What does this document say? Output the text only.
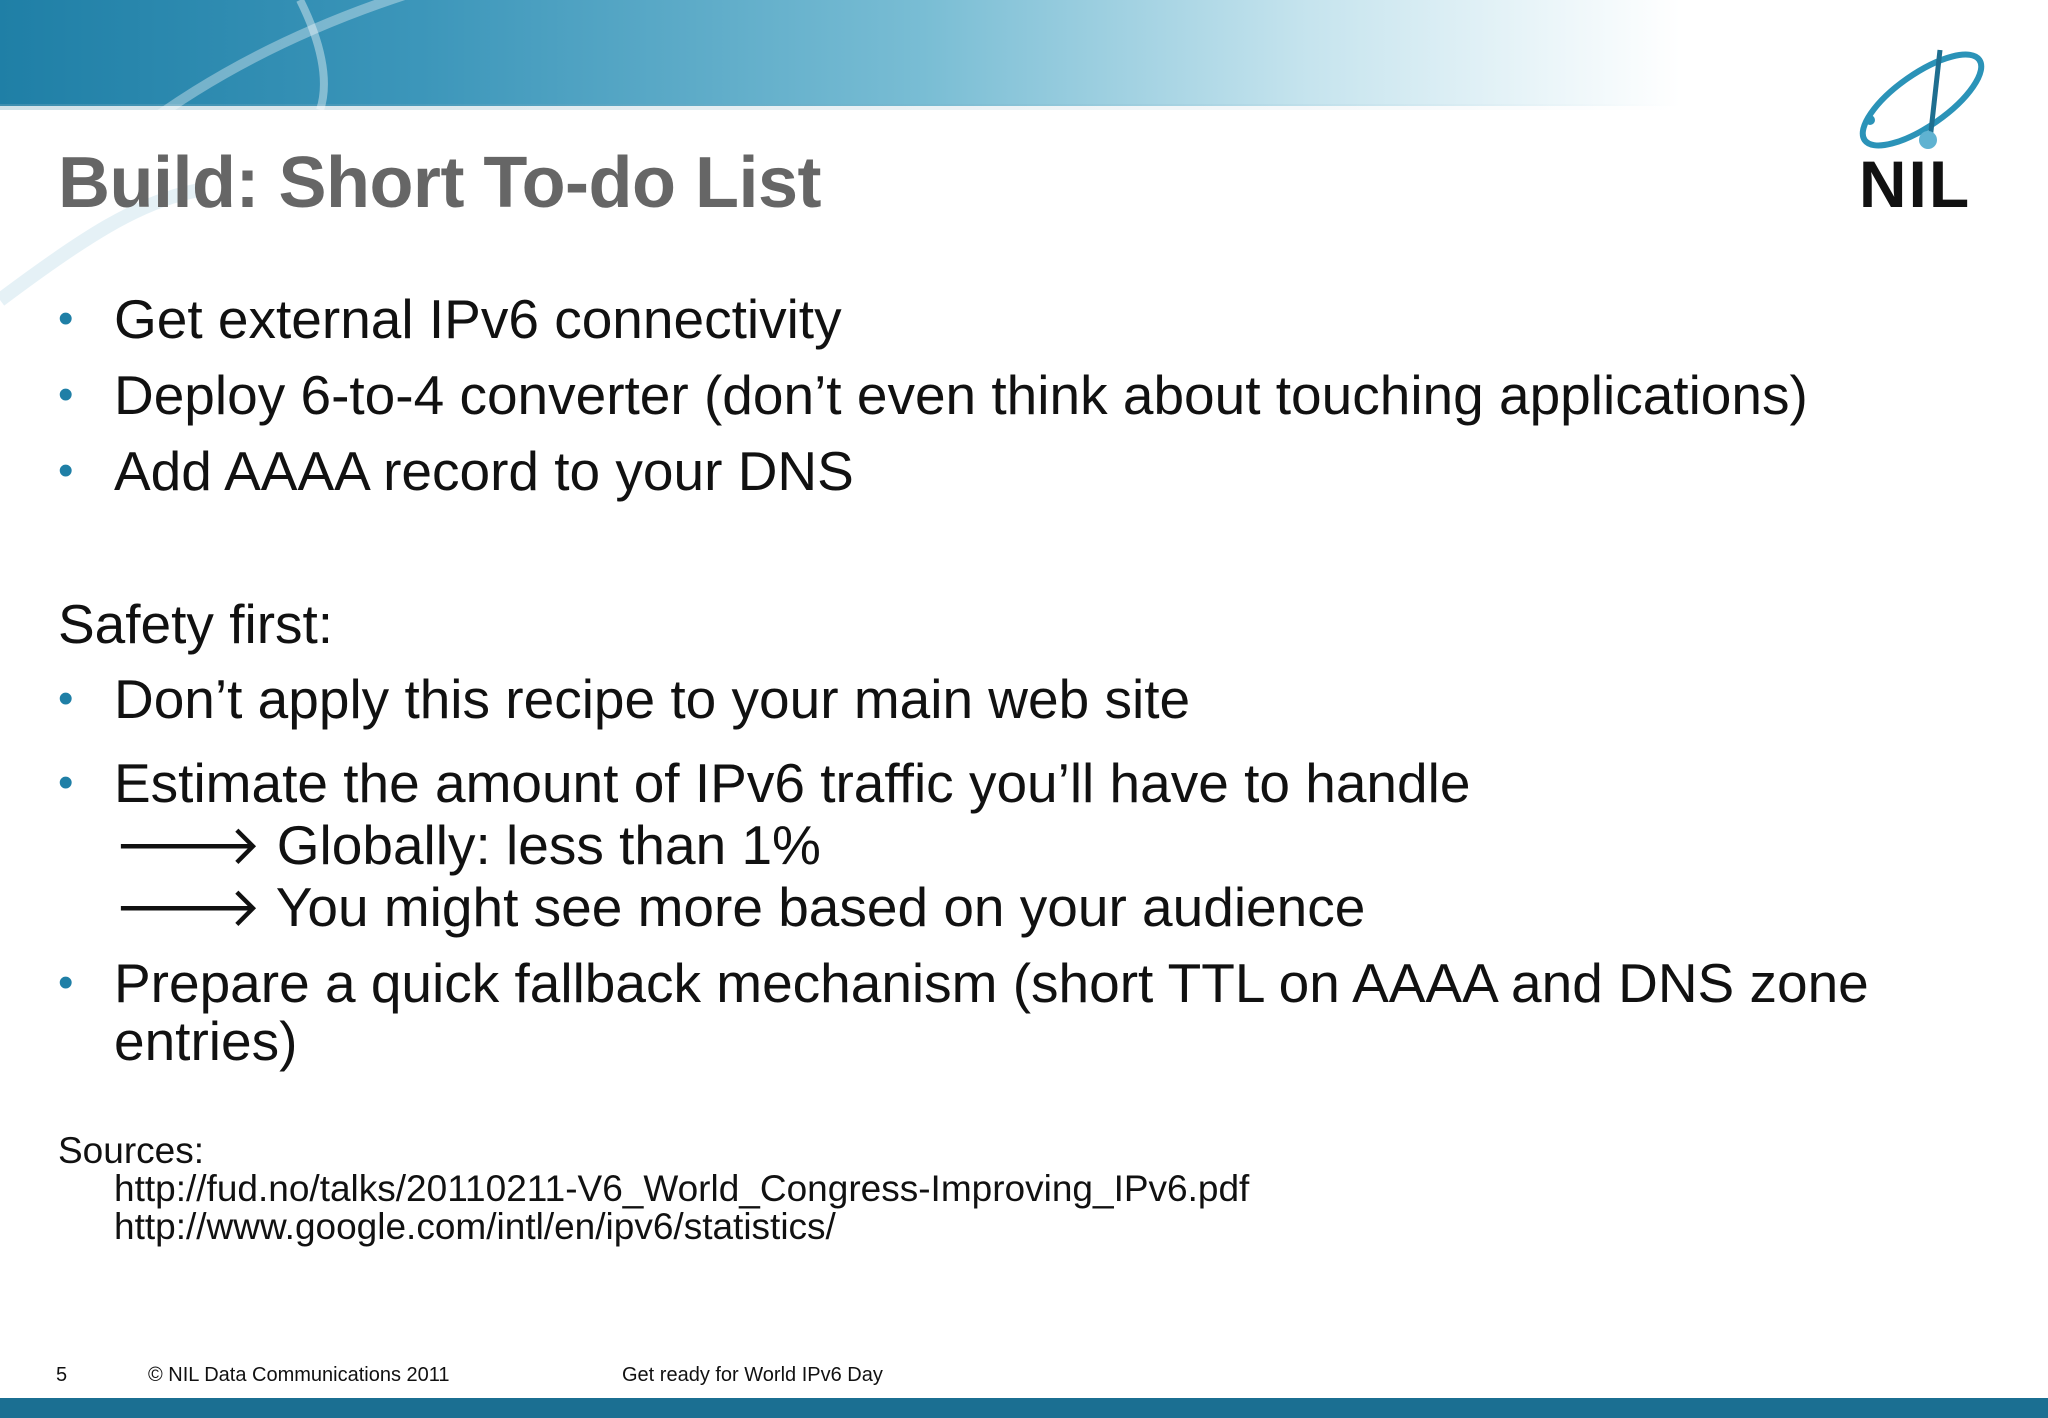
NIL
Build: Short To-do List
• Get external IPv6 connectivity
• Deploy 6-to-4 converter (don’t even think about touching applications)
• Add AAAA record to your DNS
Safety first:
• Don’t apply this recipe to your main web site
• Estimate the amount of IPv6 traffic you’ll have to handle
🡒 Globally: less than 1%
🡒 You might see more based on your audience
• Prepare a quick fallback mechanism (short TTL on AAAA and DNS zone
entries)
Sources:
http://fud.no/talks/20110211-V6_World_Congress-Improving_IPv6.pdf
http://www.google.com/intl/en/ipv6/statistics/
5	© NIL Data Communications 2011	Get ready for World IPv6 Day
